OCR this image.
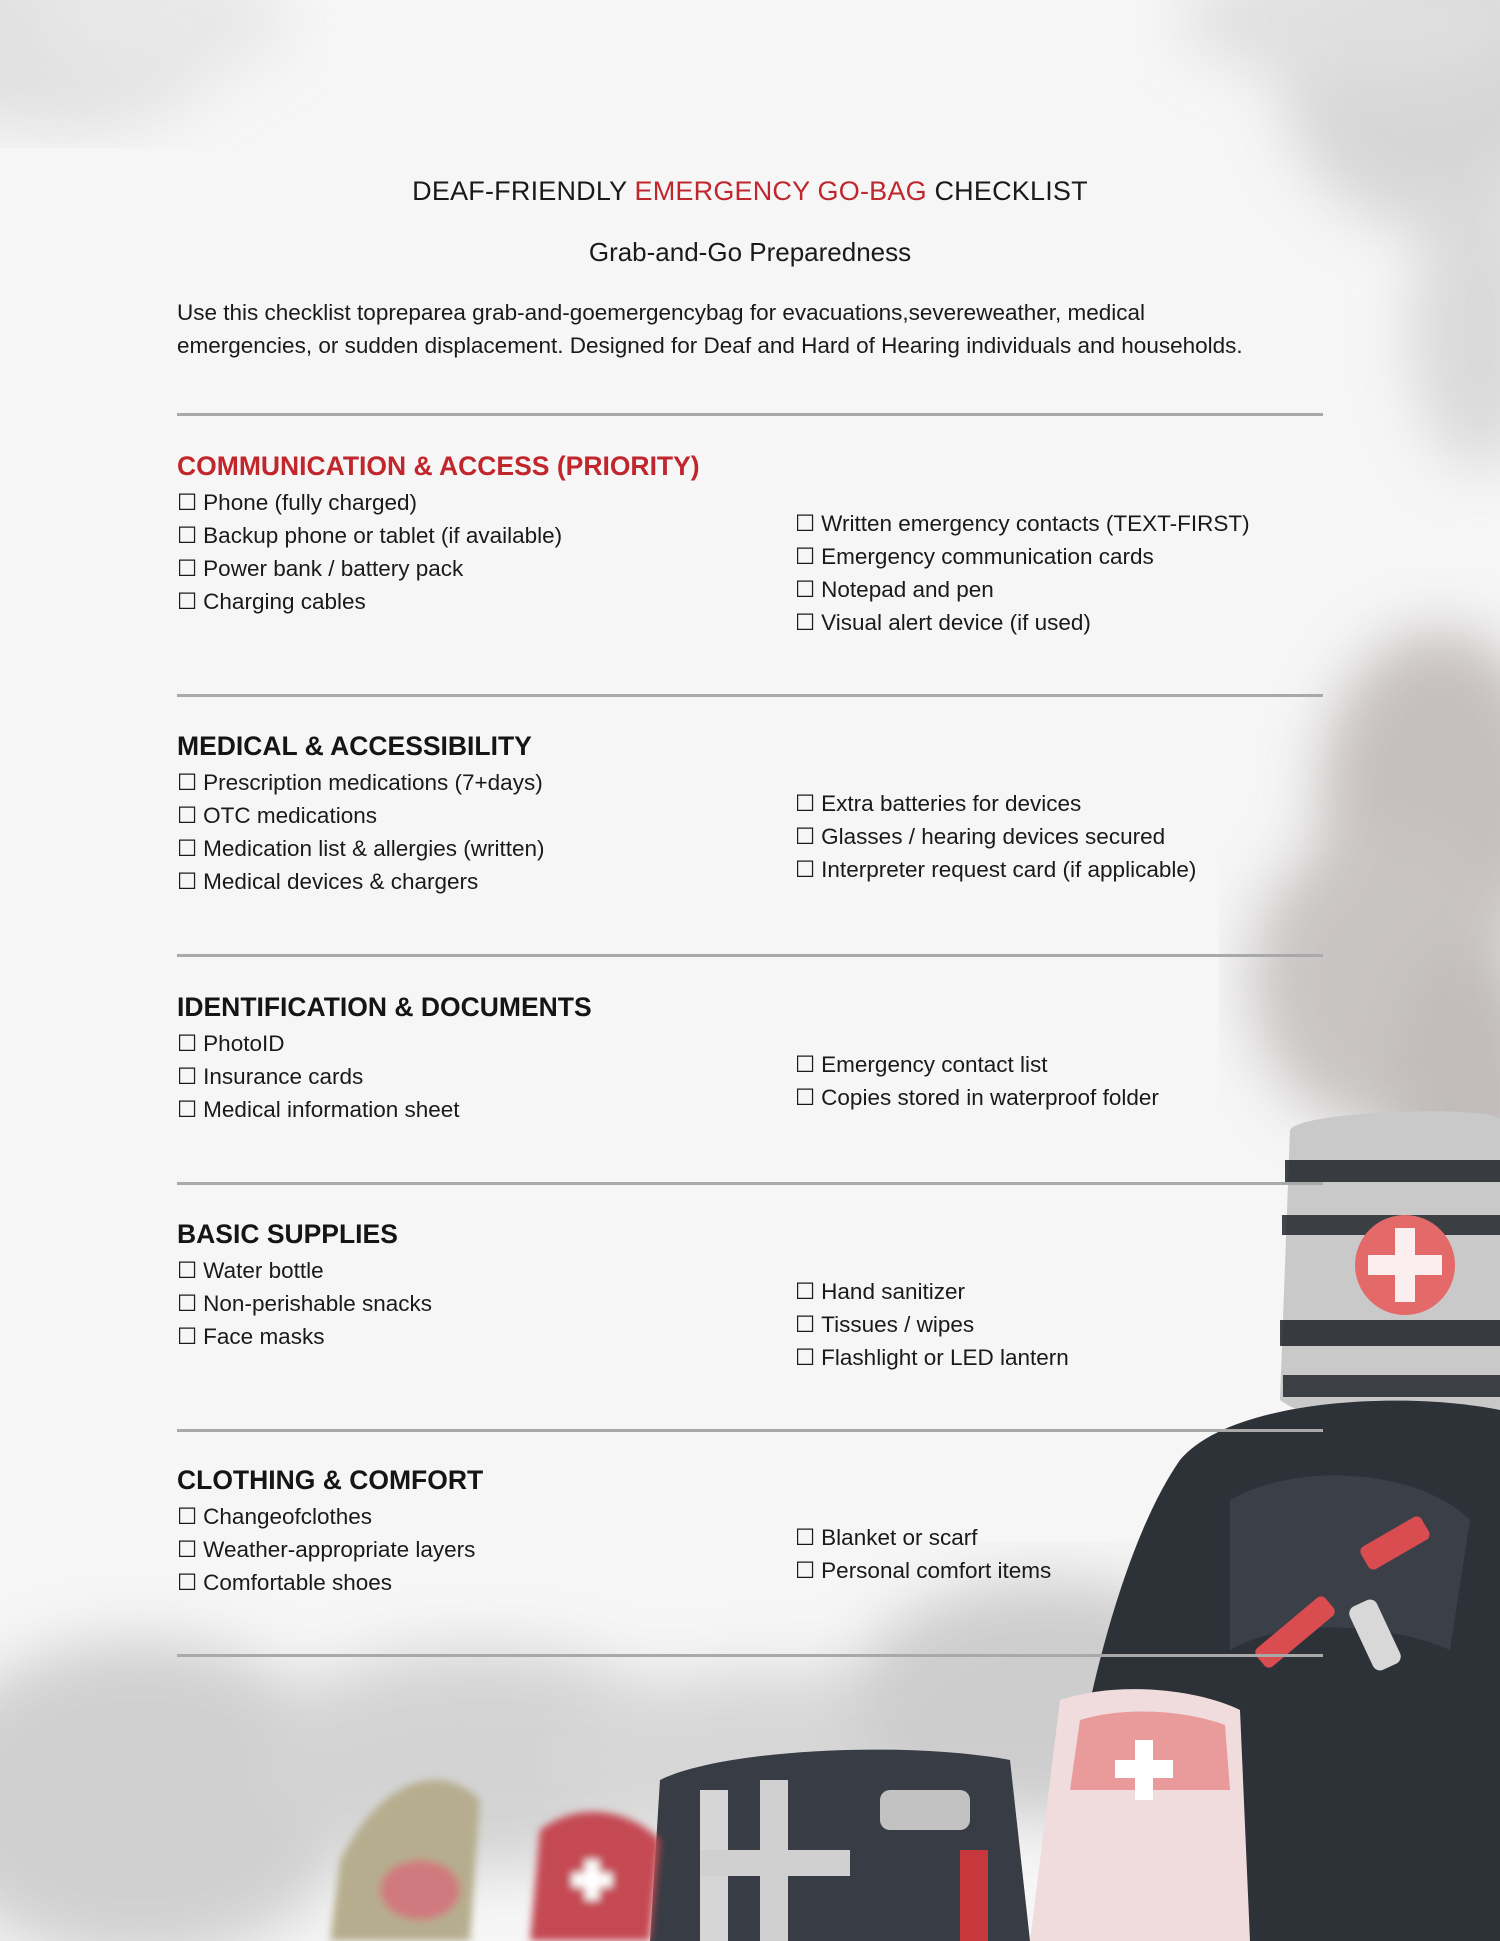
DEAF-FRIENDLY EMERGENCY GO-BAG CHECKLIST
Grab-and-Go Preparedness

Use this checklist topreparea grab-and-goemergencybag for evacuations,severeweather, medical

emergencies, or sudden displacement. Designed for Deaf and Hard of Hearing individuals and households.

COMMUNICATION & ACCESS (PRIORITY)
☐ Phone (fully charged)
☐ Backup phone or tablet (if available)
☐ Power bank / battery pack
☐ Charging cables
☐ Written emergency contacts (TEXT-FIRST)
☐ Emergency communication cards
☐ Notepad and pen
☐ Visual alert device (if used)
MEDICAL & ACCESSIBILITY
☐ Prescription medications (7+days)
☐ OTC medications
☐ Medication list & allergies (written)
☐ Medical devices & chargers
☐ Extra batteries for devices
☐ Glasses / hearing devices secured
☐ Interpreter request card (if applicable)
IDENTIFICATION & DOCUMENTS
☐ PhotoID
☐ Insurance cards
☐ Medical information sheet
☐ Emergency contact list
☐ Copies stored in waterproof folder
BASIC SUPPLIES
☐ Water bottle
☐ Non-perishable snacks
☐ Face masks
☐ Hand sanitizer
☐ Tissues / wipes
☐ Flashlight or LED lantern
CLOTHING & COMFORT
☐ Changeofclothes
☐ Weather-appropriate layers
☐ Comfortable shoes
☐ Blanket or scarf
☐ Personal comfort items
